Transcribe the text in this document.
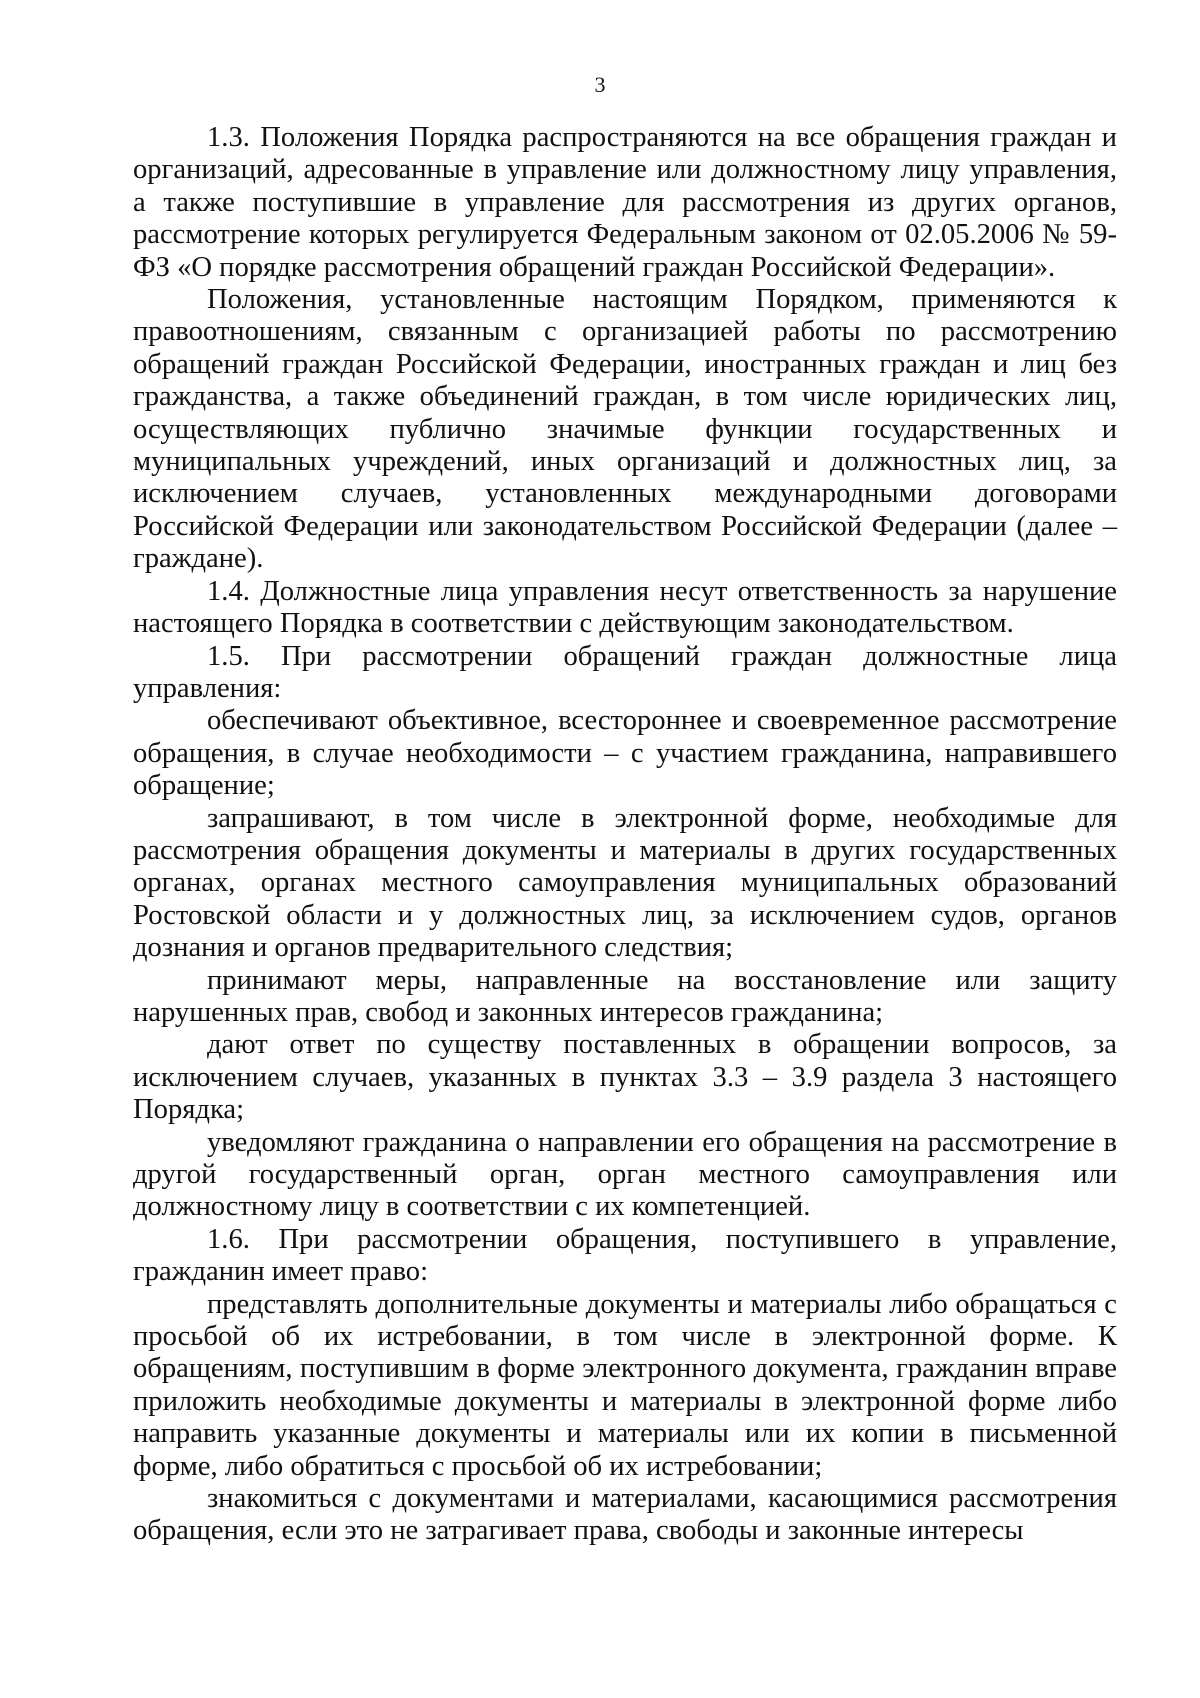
3

1.3. Положения Порядка распространяются на все обращения граждан и организаций, адресованные в управление или должностному лицу управления, а также поступившие в управление для рассмотрения из других органов, рассмотрение которых регулируется Федеральным законом от 02.05.2006 № 59-ФЗ «О порядке рассмотрения обращений граждан Российской Федерации».

Положения, установленные настоящим Порядком, применяются к правоотношениям, связанным с организацией работы по рассмотрению обращений граждан Российской Федерации, иностранных граждан и лиц без гражданства, а также объединений граждан, в том числе юридических лиц, осуществляющих публично значимые функции государственных и муниципальных учреждений, иных организаций и должностных лиц, за исключением случаев, установленных международными договорами Российской Федерации или законодательством Российской Федерации (далее – граждане).

1.4. Должностные лица управления несут ответственность за нарушение настоящего Порядка в соответствии с действующим законодательством.

1.5. При рассмотрении обращений граждан должностные лица управления:

обеспечивают объективное, всестороннее и своевременное рассмотрение обращения, в случае необходимости – с участием гражданина, направившего обращение;

запрашивают, в том числе в электронной форме, необходимые для рассмотрения обращения документы и материалы в других государственных органах, органах местного самоуправления муниципальных образований Ростовской области и у должностных лиц, за исключением судов, органов дознания и органов предварительного следствия;

принимают меры, направленные на восстановление или защиту нарушенных прав, свобод и законных интересов гражданина;

дают ответ по существу поставленных в обращении вопросов, за исключением случаев, указанных в пунктах 3.3 – 3.9 раздела 3 настоящего Порядка;

уведомляют гражданина о направлении его обращения на рассмотрение в другой государственный орган, орган местного самоуправления или должностному лицу в соответствии с их компетенцией.

1.6. При рассмотрении обращения, поступившего в управление, гражданин имеет право:

представлять дополнительные документы и материалы либо обращаться с просьбой об их истребовании, в том числе в электронной форме. К обращениям, поступившим в форме электронного документа, гражданин вправе приложить необходимые документы и материалы в электронной форме либо направить указанные документы и материалы или их копии в письменной форме, либо обратиться с просьбой об их истребовании;

знакомиться с документами и материалами, касающимися рассмотрения обращения, если это не затрагивает права, свободы и законные интересы
